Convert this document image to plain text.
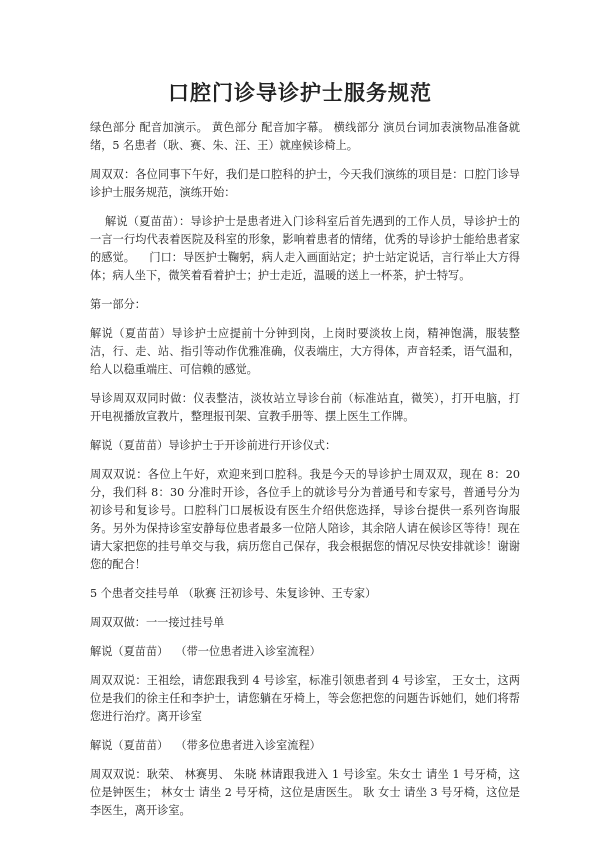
口腔门诊导诊护士服务规范

绿色部分 配音加演示。 黄色部分 配音加字幕。 横线部分 演员台词加表演物品准备就绪，5 名患者（耿、赛、朱、汪、王）就座候诊椅上。

周双双：各位同事下午好，我们是口腔科的护士，今天我们演练的项目是：口腔门诊导诊护士服务规范，演练开始：

解说（夏苗苗）：导诊护士是患者进入门诊科室后首先遇到的工作人员，导诊护士的一言一行均代表着医院及科室的形象，影响着患者的情绪，优秀的导诊护士能给患者家的感觉。    门口：导医护士鞠躬，病人走入画面站定；护士站定说话，言行举止大方得体；病人坐下，微笑着看着护士；护士走近，温暖的送上一杯茶，护士特写。

第一部分：

解说（夏苗苗）导诊护士应提前十分钟到岗，上岗时要淡妆上岗，精神饱满，服装整洁，行、走、站、指引等动作优雅准确，仪表端庄，大方得体，声音轻柔，语气温和，给人以稳重端庄、可信赖的感觉。

导诊周双双同时做：仪表整洁，淡妆站立导诊台前（标准站直，微笑），打开电脑，打开电视播放宣教片，整理报刊架、宣教手册等、摆上医生工作牌。

解说（夏苗苗）导诊护士于开诊前进行开诊仪式：

周双双说：各位上午好，欢迎来到口腔科。我是今天的导诊护士周双双，现在 8：20 分，我们科 8：30 分准时开诊，各位手上的就诊号分为普通号和专家号，普通号分为初诊号和复诊号。口腔科门口展板设有医生介绍供您选择，导诊台提供一系列咨询服务。另外为保持诊室安静每位患者最多一位陪人陪诊，其余陪人请在候诊区等待！现在请大家把您的挂号单交与我，病历您自己保存，我会根据您的情况尽快安排就诊！谢谢您的配合！

5 个患者交挂号单 （耿赛 汪初诊号、朱复诊钟、王专家）

周双双做：一一接过挂号单

解说（夏苗苗）  （带一位患者进入诊室流程）

周双双说：王祖绘，请您跟我到 4 号诊室，标准引领患者到 4 号诊室， 王女士，这两位是我们的徐主任和李护士，请您躺在牙椅上，等会您把您的问题告诉她们，她们将帮您进行治疗。离开诊室

解说（夏苗苗）  （带多位患者进入诊室流程）

周双双说：耿荣、 林赛男、 朱晓 林请跟我进入 1 号诊室。朱女士 请坐 1 号牙椅，这位是钟医生； 林女士 请坐 2 号牙椅，这位是唐医生。 耿 女士 请坐 3 号牙椅，这位是李医生，离开诊室。
